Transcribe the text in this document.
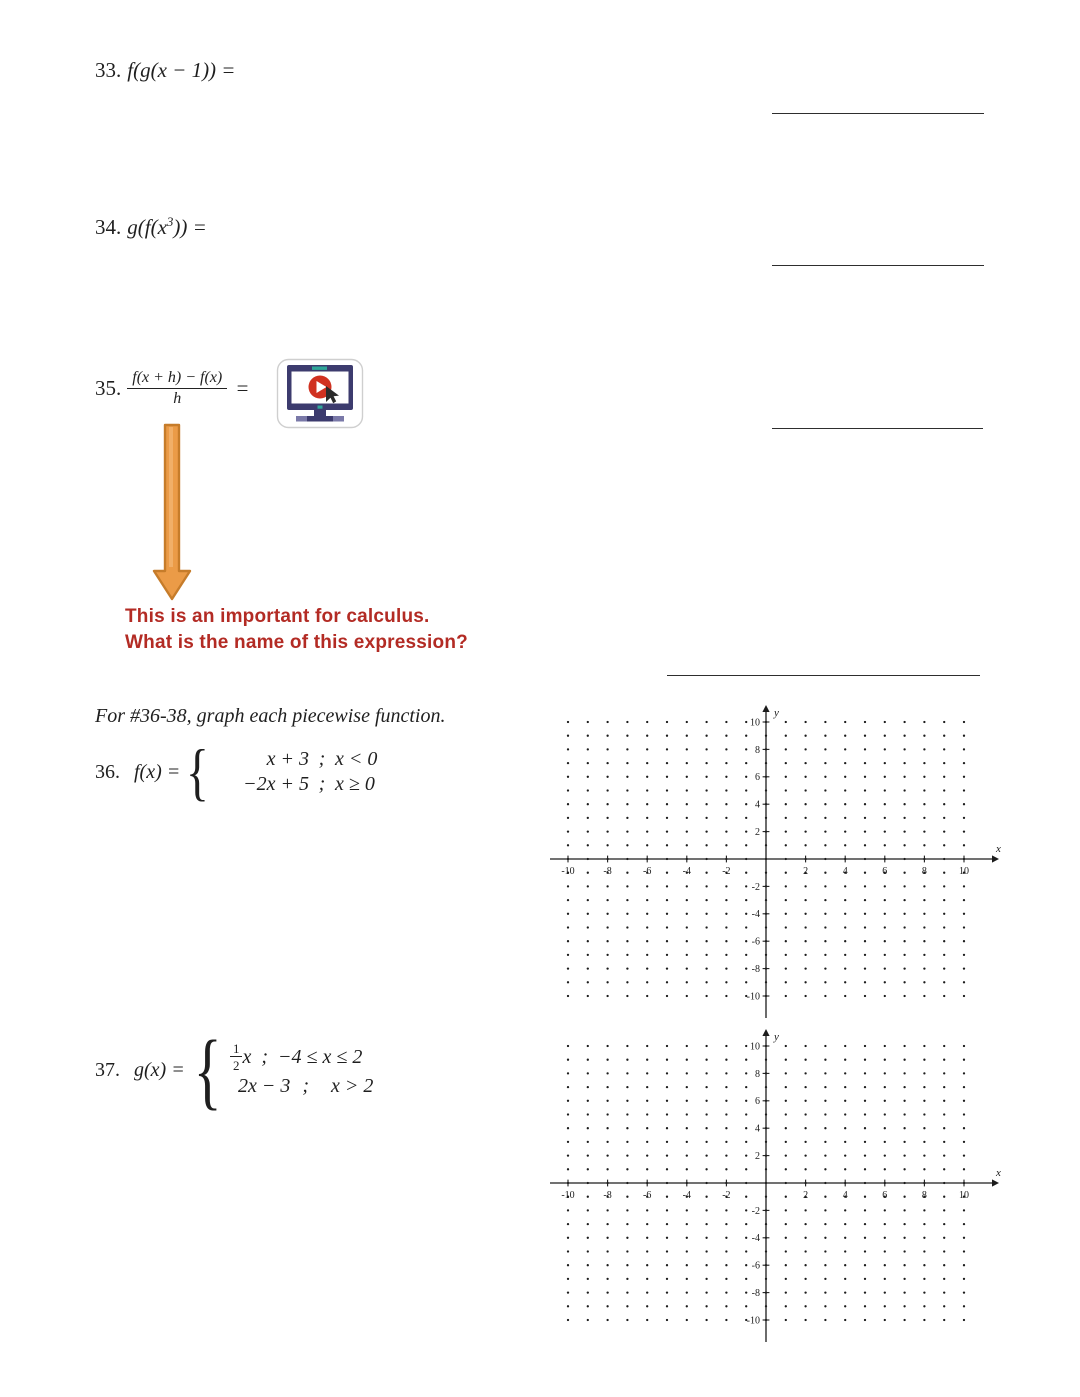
33. f(g(x − 1)) =
34. $g(f(x^3))$ =
35. $\frac{f(x + h) - f(x)}{h}$ =
This is an important for calculus.
What is the name of this expression?
For #36-38, graph each piecewise function.
36. f(x) = {	x + 3 ; x < 0
−2x + 5 ; x ≥ 0
37. g(x) = { $\frac{1}{2}$ x ; −4 ≤ x ≤ 2
2x − 3 ; x > 2
-10
-10
-8
-8
-6
-6
-4
-4
-2
-2
2
2
4
4
6
6
8
8
10
10
x
y
-10
-10
-8
-8
-6
-6
-4
-4
-2
-2
2
2
4
4
6
6
8
8
10
10
x
y
